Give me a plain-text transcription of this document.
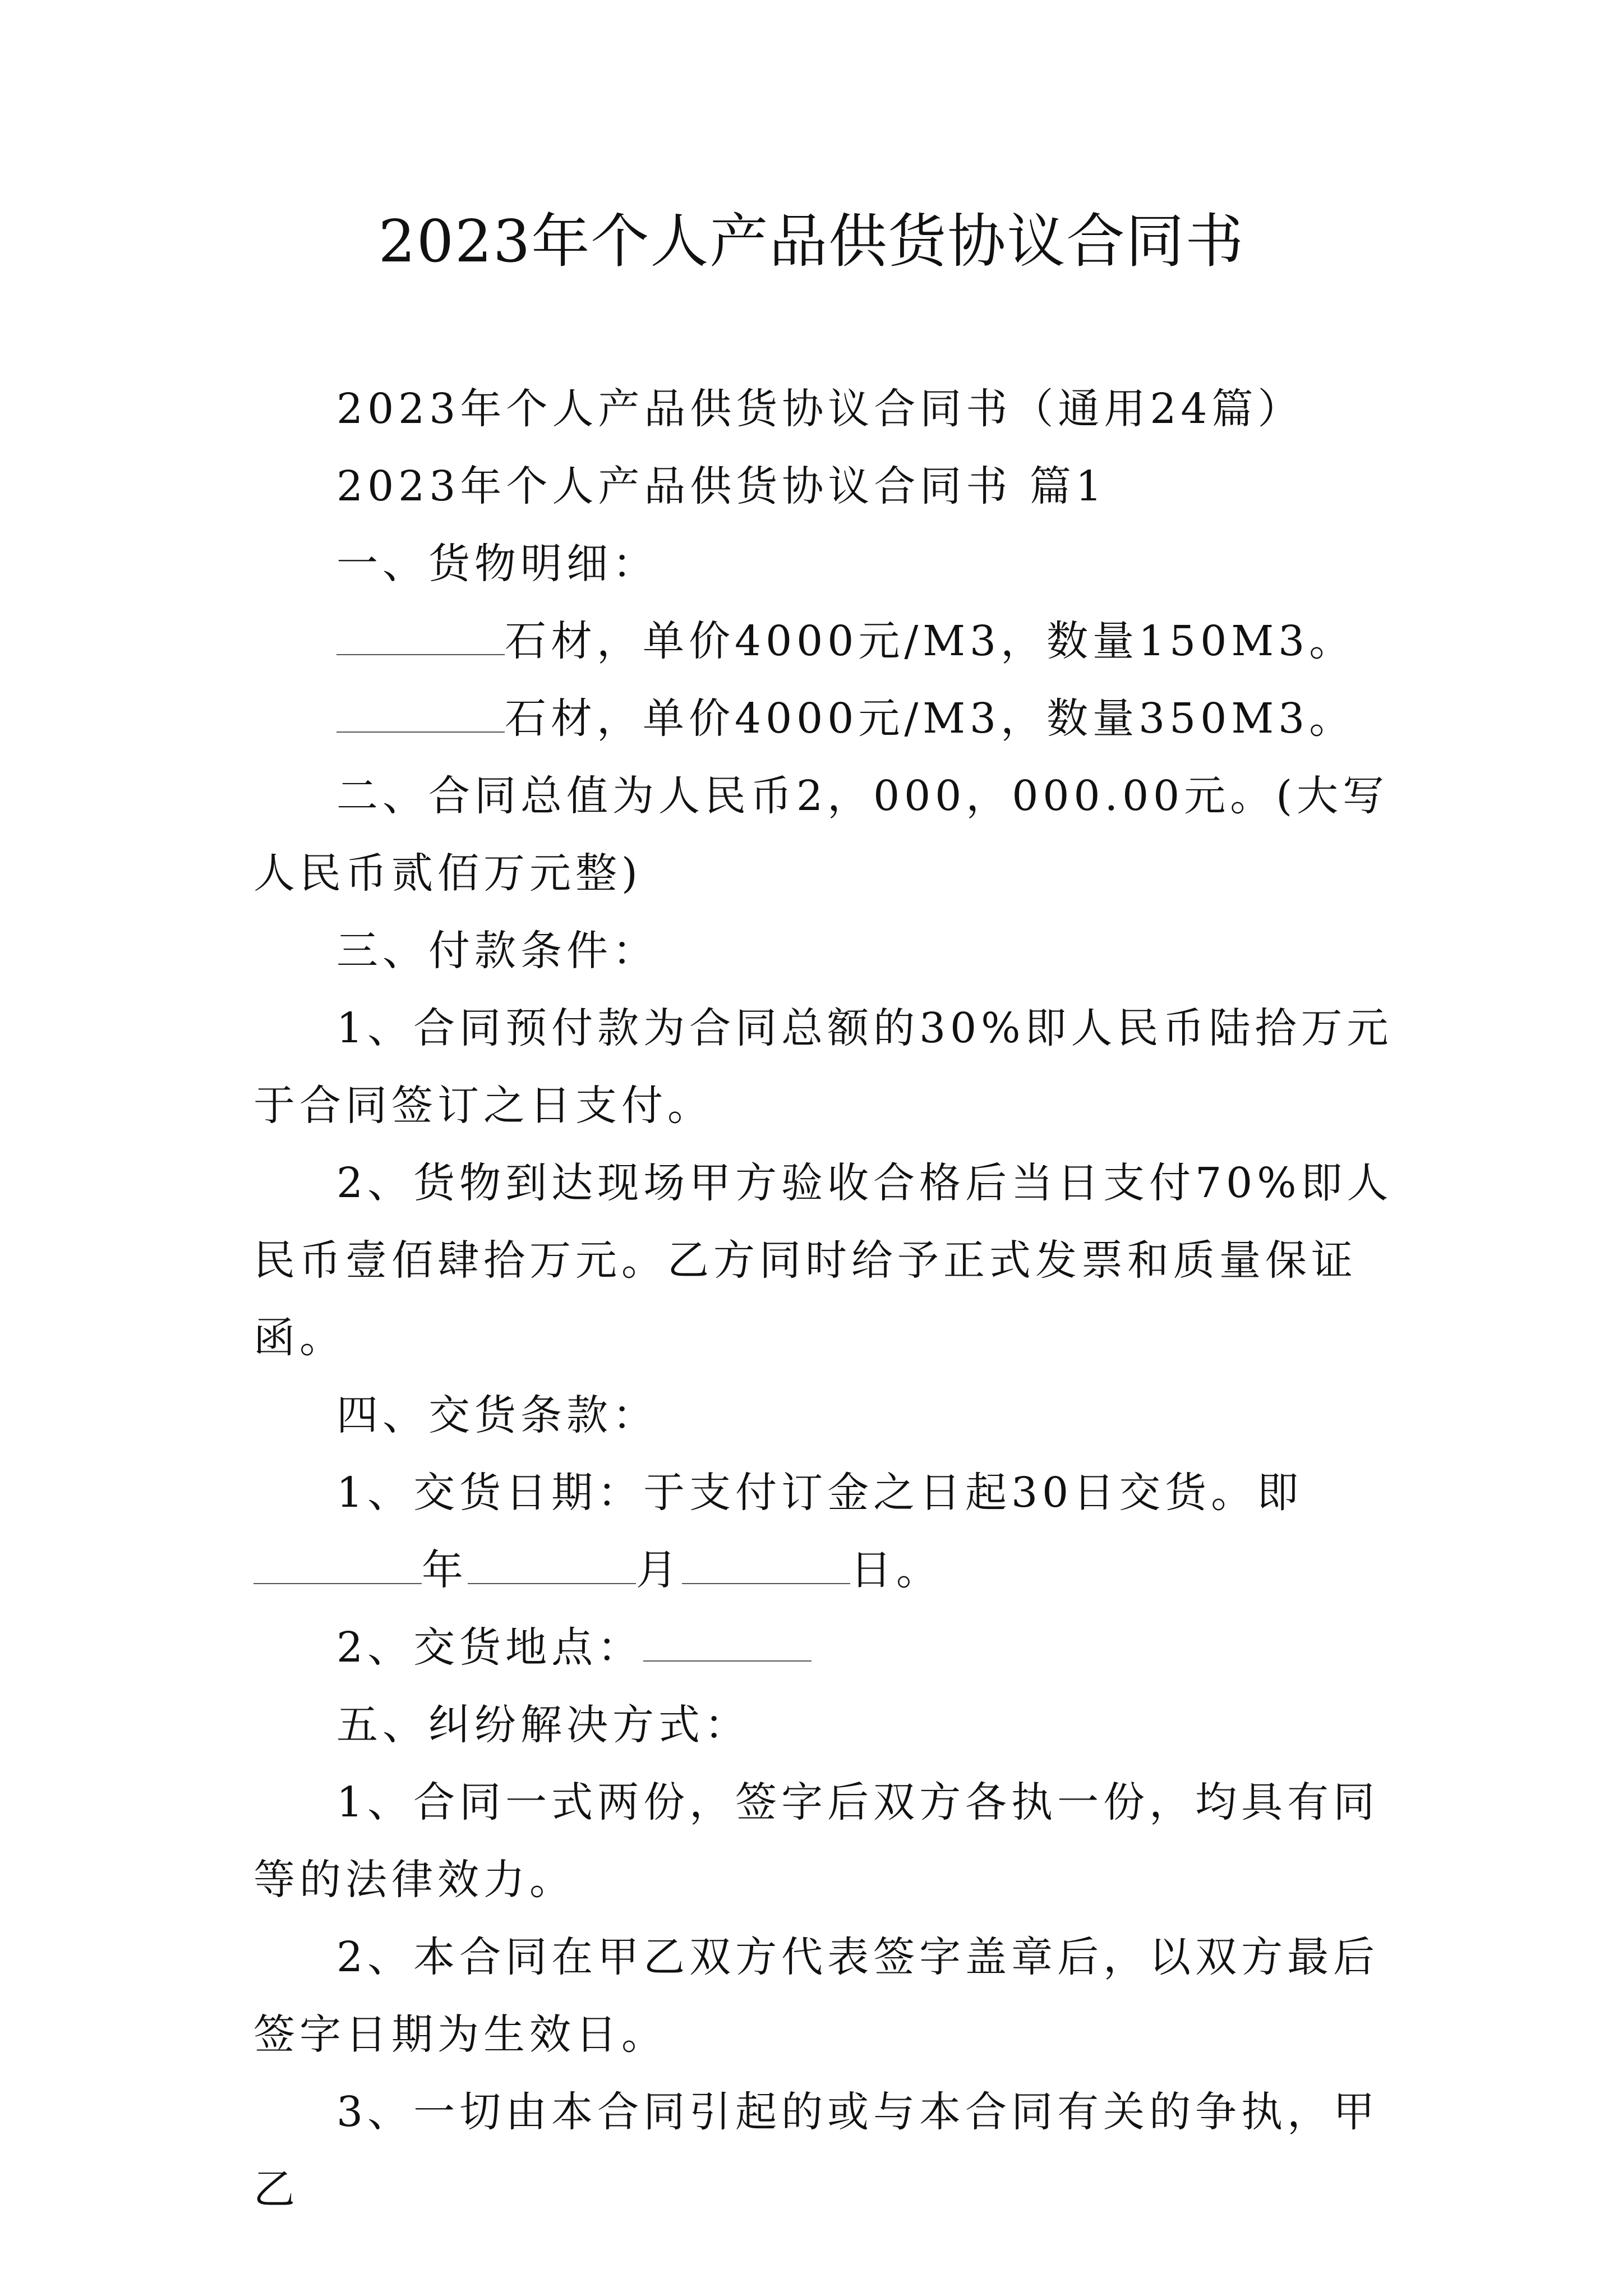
2023年个人产品供货协议合同书

2023年个人产品供货协议合同书（通用24篇）

2023年个人产品供货协议合同书 篇1

一、货物明细：

石材，单价4000元/M3，数量150M3。

石材，单价4000元/M3，数量350M3。

二、合同总值为人民币2，000，000.00元。(大写人民币贰佰万元整)

三、付款条件：

1、合同预付款为合同总额的30%即人民币陆拾万元于合同签订之日支付。

2、货物到达现场甲方验收合格后当日支付70%即人民币壹佰肆拾万元。乙方同时给予正式发票和质量保证函。

四、交货条款：

1、交货日期：于支付订金之日起30日交货。即年	月	日。

2、交货地点：

五、纠纷解决方式：

1、合同一式两份，签字后双方各执一份，均具有同等的法律效力。

2、本合同在甲乙双方代表签字盖章后，以双方最后签字日期为生效日。

3、一切由本合同引起的或与本合同有关的争执，甲乙
